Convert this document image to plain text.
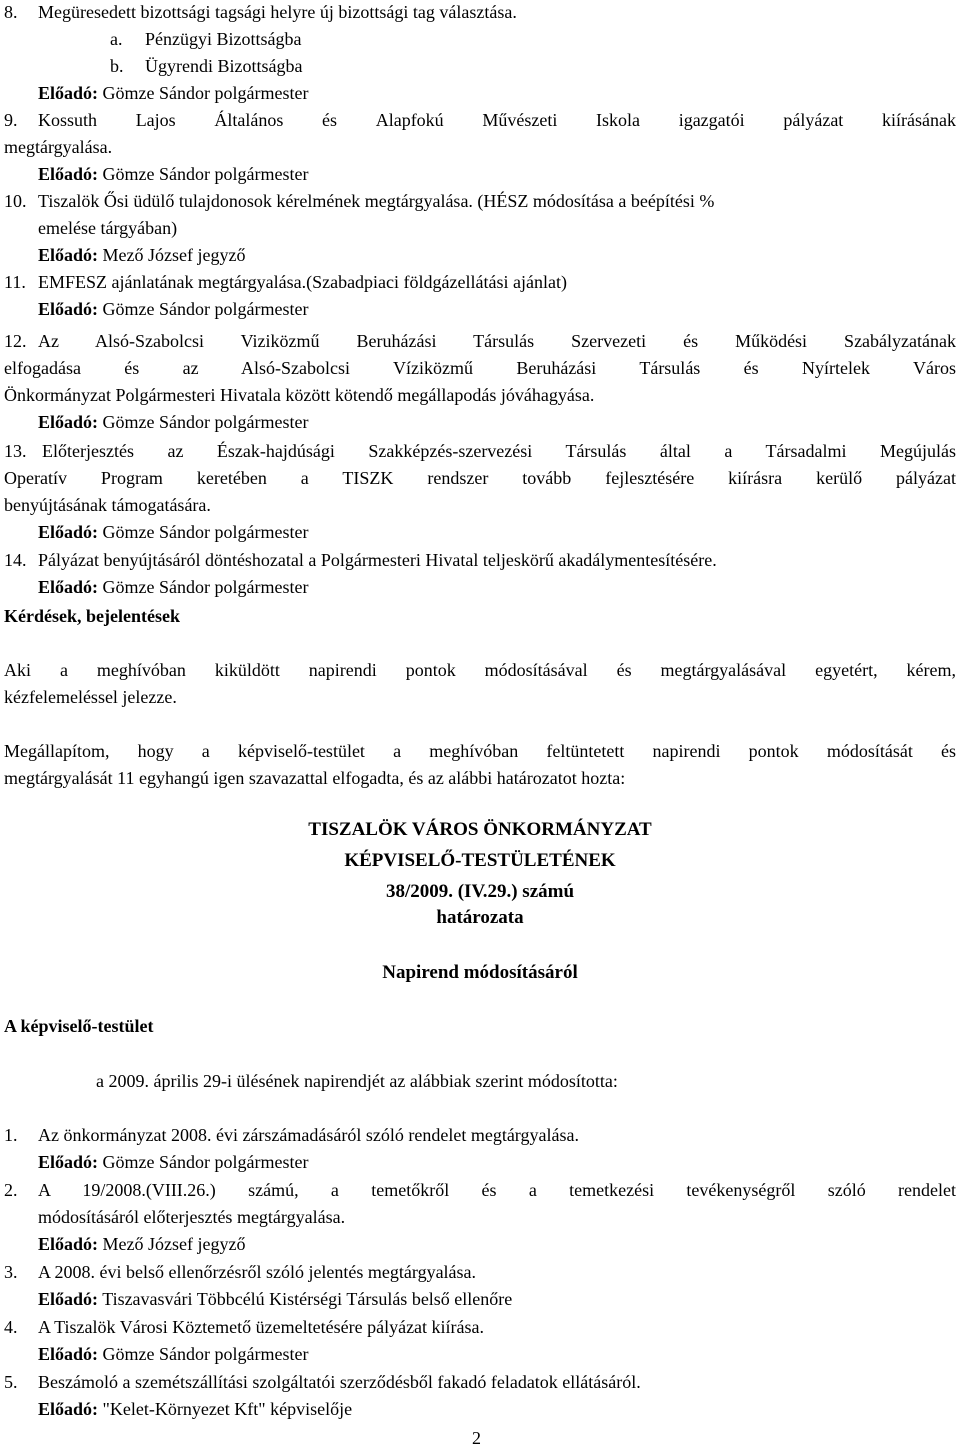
8. Megüresedett bizottsági tagsági helyre új bizottsági tag választása.
a. Pénzügyi Bizottságba
b. Ügyrendi Bizottságba
Előadó: Gömze Sándor polgármester
9. Kossuth Lajos Általános és Alapfokú Művészeti Iskola igazgatói pályázat kiírásának
megtárgyalása.
Előadó: Gömze Sándor polgármester
10. Tiszalök Ősi üdülő tulajdonosok kérelmének megtárgyalása. (HÉSZ módosítása a beépítési %
emelése tárgyában)
Előadó: Mező József jegyző
11. EMFESZ ajánlatának megtárgyalása.(Szabadpiaci földgázellátási ajánlat)
Előadó: Gömze Sándor polgármester
12. Az Alsó-Szabolcsi Viziközmű Beruházási Társulás Szervezeti és Működési Szabályzatának
elfogadása és az Alsó-Szabolcsi Víziközmű Beruházási Társulás és Nyírtelek Város
Önkormányzat Polgármesteri Hivatala között kötendő megállapodás jóváhagyása.
Előadó: Gömze Sándor polgármester
13. Előterjesztés az Észak-hajdúsági Szakképzés-szervezési Társulás által a Társadalmi Megújulás
Operatív Program keretében a TISZK rendszer tovább fejlesztésére kiírásra kerülő pályázat
benyújtásának támogatására.
Előadó: Gömze Sándor polgármester
14. Pályázat benyújtásáról döntéshozatal a Polgármesteri Hivatal teljeskörű akadálymentesítésére.
Előadó: Gömze Sándor polgármester
Kérdések, bejelentések
Aki a meghívóban kiküldött napirendi pontok módosításával és megtárgyalásával egyetért, kérem,
kézfelemeléssel jelezze.
Megállapítom, hogy a képviselő-testület a meghívóban feltüntetett napirendi pontok módosítását és
megtárgyalását 11 egyhangú igen szavazattal elfogadta, és az alábbi határozatot hozta:
TISZALÖK VÁROS ÖNKORMÁNYZAT
KÉPVISELŐ-TESTÜLETÉNEK
38/2009. (IV.29.) számú
határozata
Napirend módosításáról
A képviselő-testület
a 2009. április 29-i ülésének napirendjét az alábbiak szerint módosította:
1. Az önkormányzat 2008. évi zárszámadásáról szóló rendelet megtárgyalása.
Előadó: Gömze Sándor polgármester
2. A 19/2008.(VIII.26.) számú, a temetőkről és a temetkezési tevékenységről szóló rendelet
módosításáról előterjesztés megtárgyalása.
Előadó: Mező József jegyző
3. A 2008. évi belső ellenőrzésről szóló jelentés megtárgyalása.
Előadó: Tiszavasvári Többcélú Kistérségi Társulás belső ellenőre
4. A Tiszalök Városi Köztemető üzemeltetésére pályázat kiírása.
Előadó: Gömze Sándor polgármester
5. Beszámoló a szemétszállítási szolgáltatói szerződésből fakadó feladatok ellátásáról.
Előadó: "Kelet-Környezet Kft" képviselője
2
